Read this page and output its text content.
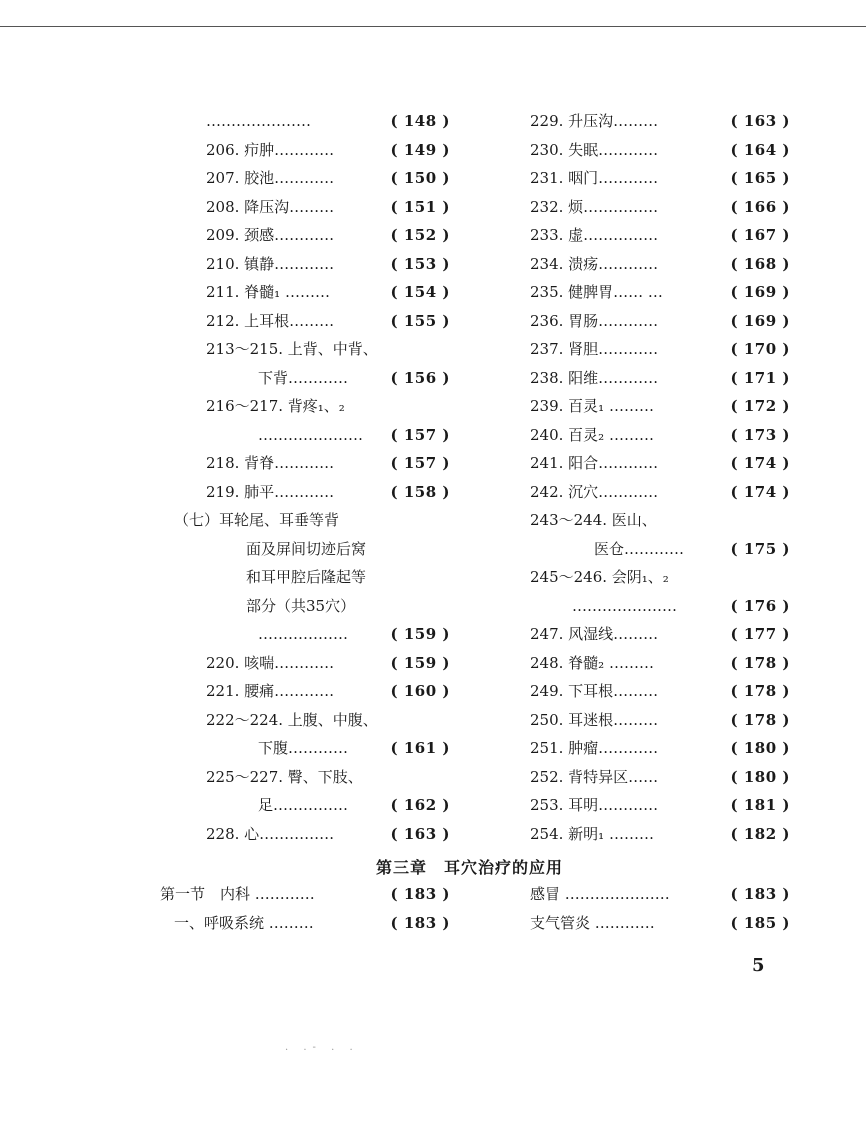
…………………	( 148 )
206. 疖肿…………	( 149 )
207. 胶池…………	( 150 )
208. 降压沟………	( 151 )
209. 颈感…………	( 152 )
210. 镇静…………	( 153 )
211. 脊髓₁ ………	( 154 )
212. 上耳根………	( 155 )
213～215. 上背、中背、
下背…………	( 156 )
216～217. 背疼₁、₂
…………………	( 157 )
218. 背脊…………	( 157 )
219. 肺平…………	( 158 )
（七）耳轮尾、耳垂等背
面及屏间切迹后窝
和耳甲腔后隆起等
部分（共35穴）
………………	( 159 )
220. 咳喘…………	( 159 )
221. 腰痛…………	( 160 )
222～224. 上腹、中腹、
下腹…………	( 161 )
225～227. 臀、下肢、
足……………	( 162 )
228. 心……………	( 163 )
229. 升压沟………	( 163 )
230. 失眠…………	( 164 )
231. 咽门…………	( 165 )
232. 烦……………	( 166 )
233. 虚……………	( 167 )
234. 溃疡…………	( 168 )
235. 健脾胃…… …	( 169 )
236. 胃肠…………	( 169 )
237. 肾胆…………	( 170 )
238. 阳维…………	( 171 )
239. 百灵₁ ………	( 172 )
240. 百灵₂ ………	( 173 )
241. 阳合…………	( 174 )
242. 沉穴…………	( 174 )
243～244. 医山、
医仓…………	( 175 )
245～246. 会阴₁、₂
…………………	( 176 )
247. 风湿线………	( 177 )
248. 脊髓₂ ………	( 178 )
249. 下耳根………	( 178 )
250. 耳迷根………	( 178 )
251. 肿瘤…………	( 180 )
252. 背特异区……	( 180 )
253. 耳明…………	( 181 )
254. 新明₁ ………	( 182 )
第三章　耳穴治疗的应用
第一节　内科 …………	( 183 )
一、呼吸系统 ………	( 183 )
感冒 …………………	( 183 )
支气管炎 …………	( 185 )
5
. .- . .
